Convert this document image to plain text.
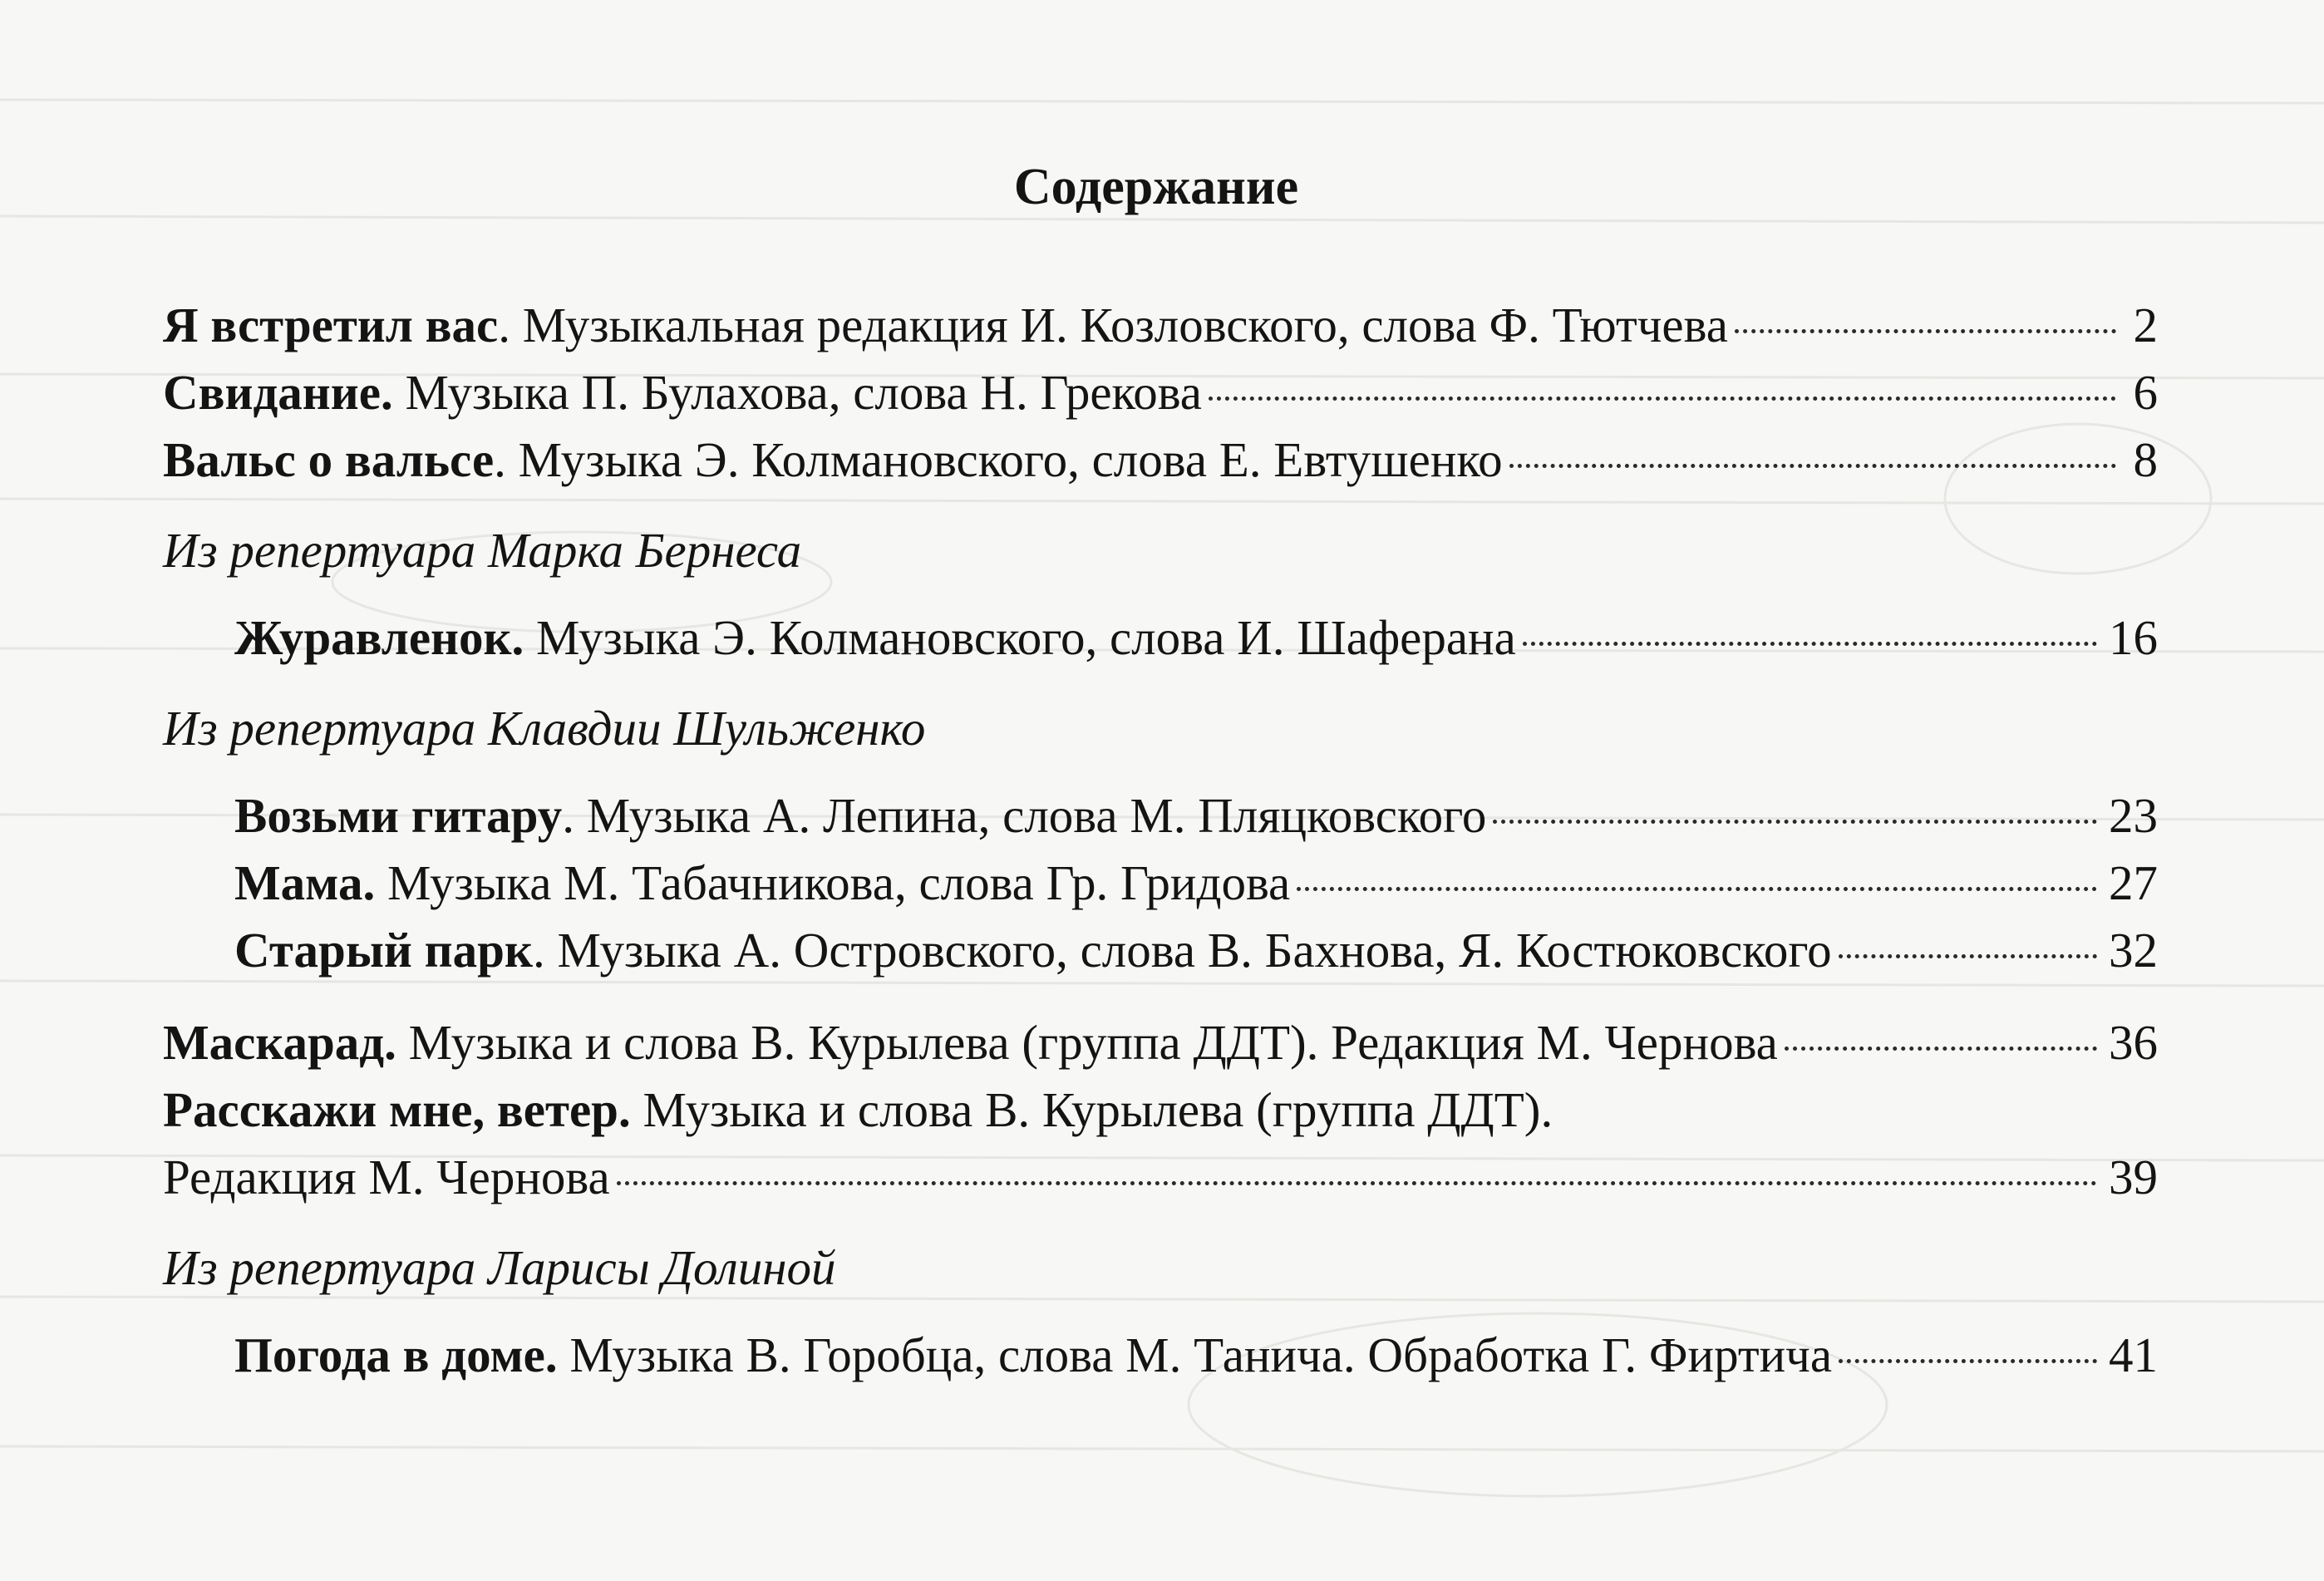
Содержание
Я встретил вас. Музыкальная редакция И. Козловского, слова Ф. Тютчева	2
Свидание. Музыка П. Булахова, слова Н. Грекова	6
Вальс о вальсе. Музыка Э. Колмановского, слова Е. Евтушенко	8
Из репертуара Марка Бернеса
Журавленок. Музыка Э. Колмановского, слова И. Шаферана	16
Из репертуара Клавдии Шульженко
Возьми гитару. Музыка А. Лепина, слова М. Пляцковского	23
Мама. Музыка М. Табачникова, слова Гр. Гридова	27
Старый парк. Музыка А. Островского, слова В. Бахнова, Я. Костюковского	32
Маскарад. Музыка и слова В. Курылева (группа ДДТ). Редакция М. Чернова	36
Расскажи мне, ветер. Музыка и слова В. Курылева (группа ДДТ).
Редакция М. Чернова	39
Из репертуара Ларисы Долиной
Погода в доме. Музыка В. Горобца, слова М. Танича. Обработка Г. Фиртича	41
